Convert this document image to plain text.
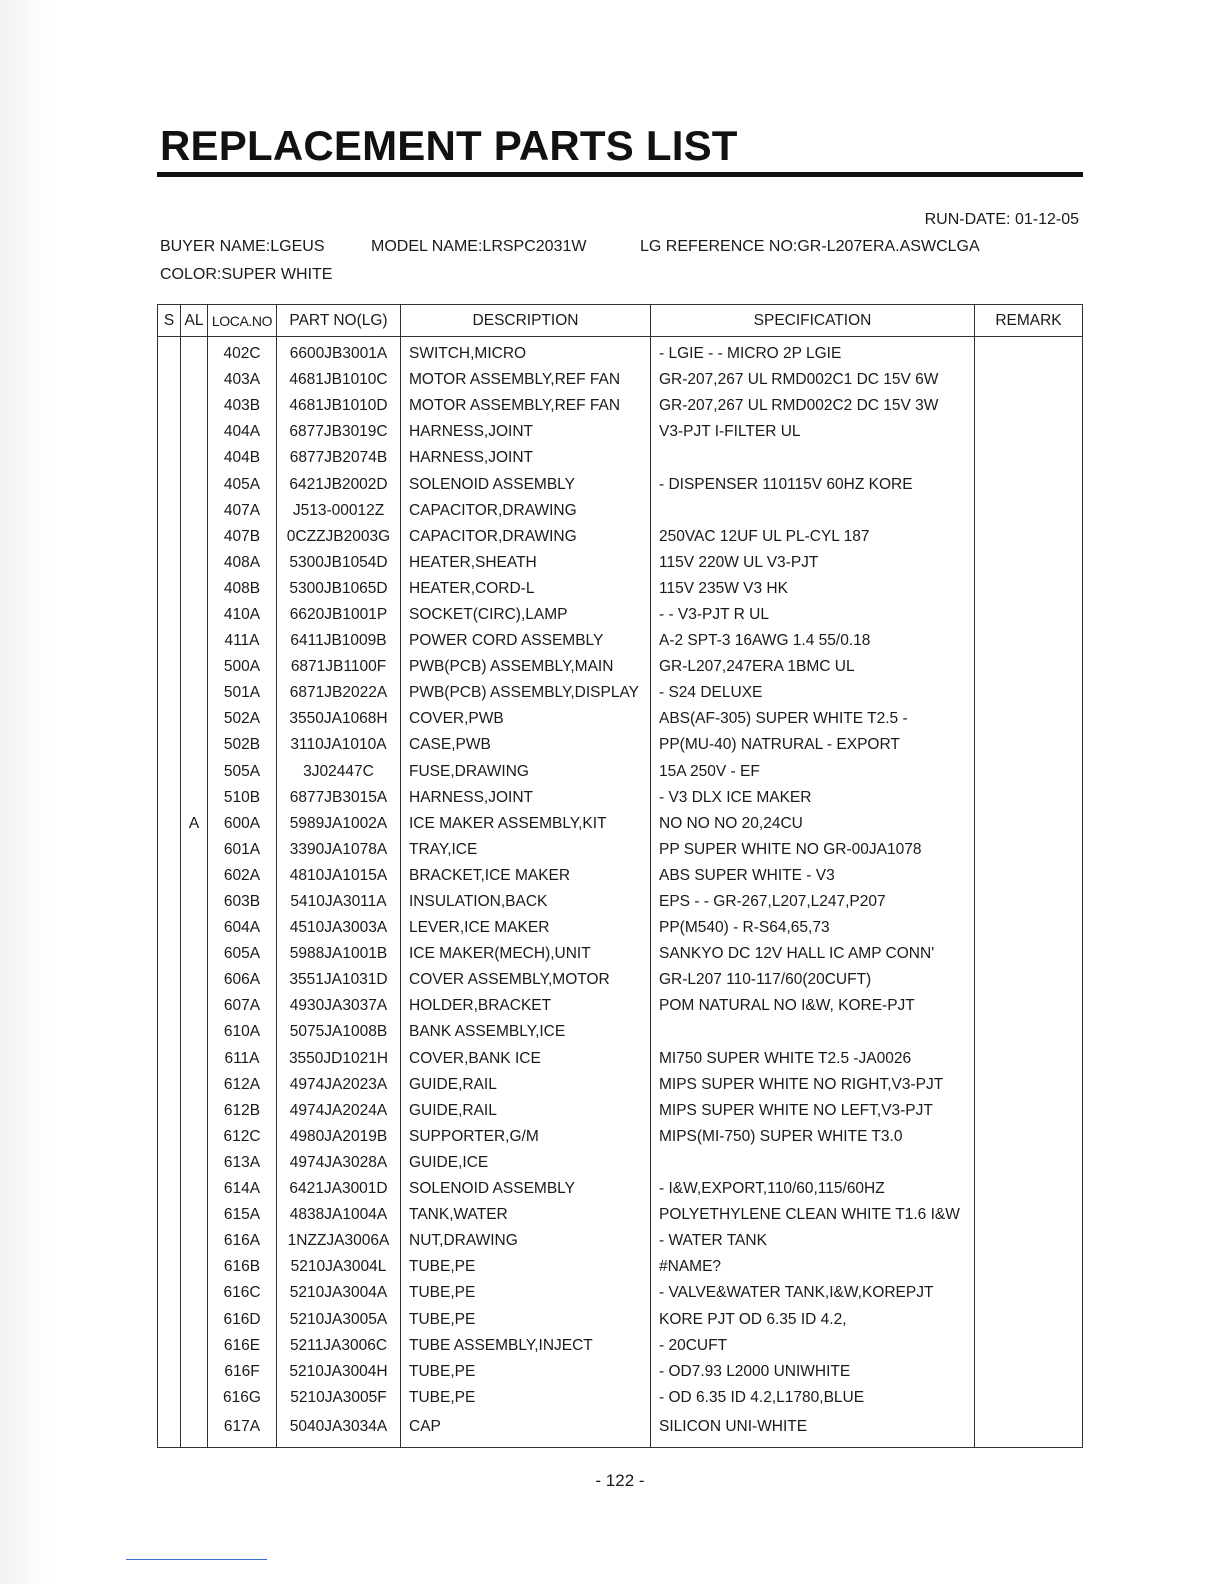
REPLACEMENT PARTS LIST
RUN-DATE: 01-12-05
BUYER NAME:LGEUS	MODEL NAME:LRSPC2031W	LG REFERENCE NO:GR-L207ERA.ASWCLGA
COLOR:SUPER WHITE
S	AL	LOCA.NO	PART NO(LG)	DESCRIPTION	SPECIFICATION	REMARK
		402C	6600JB3001A	SWITCH,MICRO	- LGIE - - MICRO 2P LGIE	
		403A	4681JB1010C	MOTOR ASSEMBLY,REF FAN	GR-207,267 UL RMD002C1 DC 15V 6W	
		403B	4681JB1010D	MOTOR ASSEMBLY,REF FAN	GR-207,267 UL RMD002C2 DC 15V 3W	
		404A	6877JB3019C	HARNESS,JOINT	V3-PJT I-FILTER UL	
		404B	6877JB2074B	HARNESS,JOINT		
		405A	6421JB2002D	SOLENOID ASSEMBLY	- DISPENSER 110115V 60HZ KORE	
		407A	J513-00012Z	CAPACITOR,DRAWING		
		407B	0CZZJB2003G	CAPACITOR,DRAWING	250VAC 12UF UL PL-CYL 187	
		408A	5300JB1054D	HEATER,SHEATH	115V 220W UL V3-PJT	
		408B	5300JB1065D	HEATER,CORD-L	115V 235W V3 HK	
		410A	6620JB1001P	SOCKET(CIRC),LAMP	- - V3-PJT R UL	
		411A	6411JB1009B	POWER CORD ASSEMBLY	A-2 SPT-3 16AWG 1.4 55/0.18	
		500A	6871JB1100F	PWB(PCB) ASSEMBLY,MAIN	GR-L207,247ERA 1BMC UL	
		501A	6871JB2022A	PWB(PCB) ASSEMBLY,DISPLAY	- S24 DELUXE	
		502A	3550JA1068H	COVER,PWB	ABS(AF-305) SUPER WHITE T2.5 -	
		502B	3110JA1010A	CASE,PWB	PP(MU-40) NATRURAL - EXPORT	
		505A	3J02447C	FUSE,DRAWING	15A 250V - EF	
		510B	6877JB3015A	HARNESS,JOINT	- V3 DLX ICE MAKER	
	A	600A	5989JA1002A	ICE MAKER ASSEMBLY,KIT	NO NO NO 20,24CU	
		601A	3390JA1078A	TRAY,ICE	PP SUPER WHITE NO GR-00JA1078	
		602A	4810JA1015A	BRACKET,ICE MAKER	ABS SUPER WHITE - V3	
		603B	5410JA3011A	INSULATION,BACK	EPS - - GR-267,L207,L247,P207	
		604A	4510JA3003A	LEVER,ICE MAKER	PP(M540) - R-S64,65,73	
		605A	5988JA1001B	ICE MAKER(MECH),UNIT	SANKYO DC 12V HALL IC AMP CONN'	
		606A	3551JA1031D	COVER ASSEMBLY,MOTOR	GR-L207 110-117/60(20CUFT)	
		607A	4930JA3037A	HOLDER,BRACKET	POM NATURAL NO I&W, KORE-PJT	
		610A	5075JA1008B	BANK ASSEMBLY,ICE		
		611A	3550JD1021H	COVER,BANK ICE	MI750 SUPER WHITE T2.5 -JA0026	
		612A	4974JA2023A	GUIDE,RAIL	MIPS SUPER WHITE NO RIGHT,V3-PJT	
		612B	4974JA2024A	GUIDE,RAIL	MIPS SUPER WHITE NO LEFT,V3-PJT	
		612C	4980JA2019B	SUPPORTER,G/M	MIPS(MI-750) SUPER WHITE T3.0	
		613A	4974JA3028A	GUIDE,ICE		
		614A	6421JA3001D	SOLENOID ASSEMBLY	- I&W,EXPORT,110/60,115/60HZ	
		615A	4838JA1004A	TANK,WATER	POLYETHYLENE CLEAN WHITE T1.6 I&W	
		616A	1NZZJA3006A	NUT,DRAWING	- WATER TANK	
		616B	5210JA3004L	TUBE,PE	#NAME?	
		616C	5210JA3004A	TUBE,PE	- VALVE&WATER TANK,I&W,KOREPJT	
		616D	5210JA3005A	TUBE,PE	KORE PJT OD 6.35 ID 4.2,	
		616E	5211JA3006C	TUBE ASSEMBLY,INJECT	- 20CUFT	
		616F	5210JA3004H	TUBE,PE	- OD7.93 L2000 UNIWHITE	
		616G	5210JA3005F	TUBE,PE	- OD 6.35 ID 4.2,L1780,BLUE	
		617A	5040JA3034A	CAP	SILICON UNI-WHITE	
- 122 -
